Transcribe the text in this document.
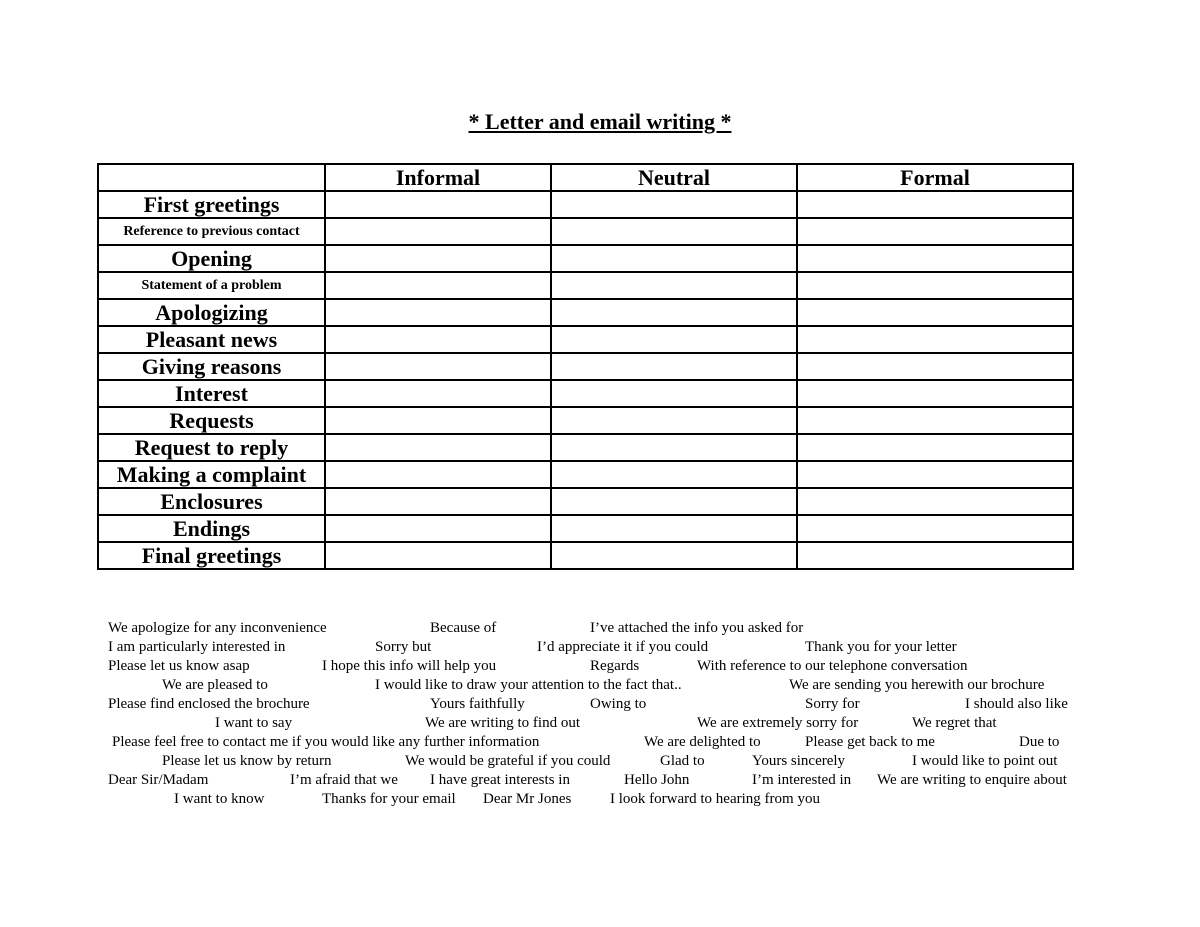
* Letter and email writing *
	Informal	Neutral	Formal
First greetings			
Reference to previous contact			
Opening			
Statement of a problem			
Apologizing			
Pleasant news			
Giving reasons			
Interest			
Requests			
Request to reply			
Making a complaint			
Enclosures			
Endings			
Final greetings			
We apologize for any inconvenience	Because of	I’ve attached the info you asked for
I am particularly interested in	Sorry but	I’d appreciate it if you could	Thank you for your letter
Please let us know asap	I hope this info will help you	Regards	With reference to our telephone conversation
We are pleased to	I would like to draw your attention to the fact that..	We are sending you herewith our brochure
Please find enclosed the brochure	Yours faithfully	Owing to	Sorry for	I should also like
I want to say	We are writing to find out	We are extremely sorry for	We regret that
Please feel free to contact me if you would like any further information	We are delighted to	Please get back to me	Due to
Please let us know by return	We would be grateful if you could	Glad to	Yours sincerely	I would like to point out
Dear Sir/Madam	I’m afraid that we I have great interests in	Hello John	I’m interested in We are writing to enquire about
I want to know	Thanks for your email Dear Mr Jones	I look forward to hearing from you
